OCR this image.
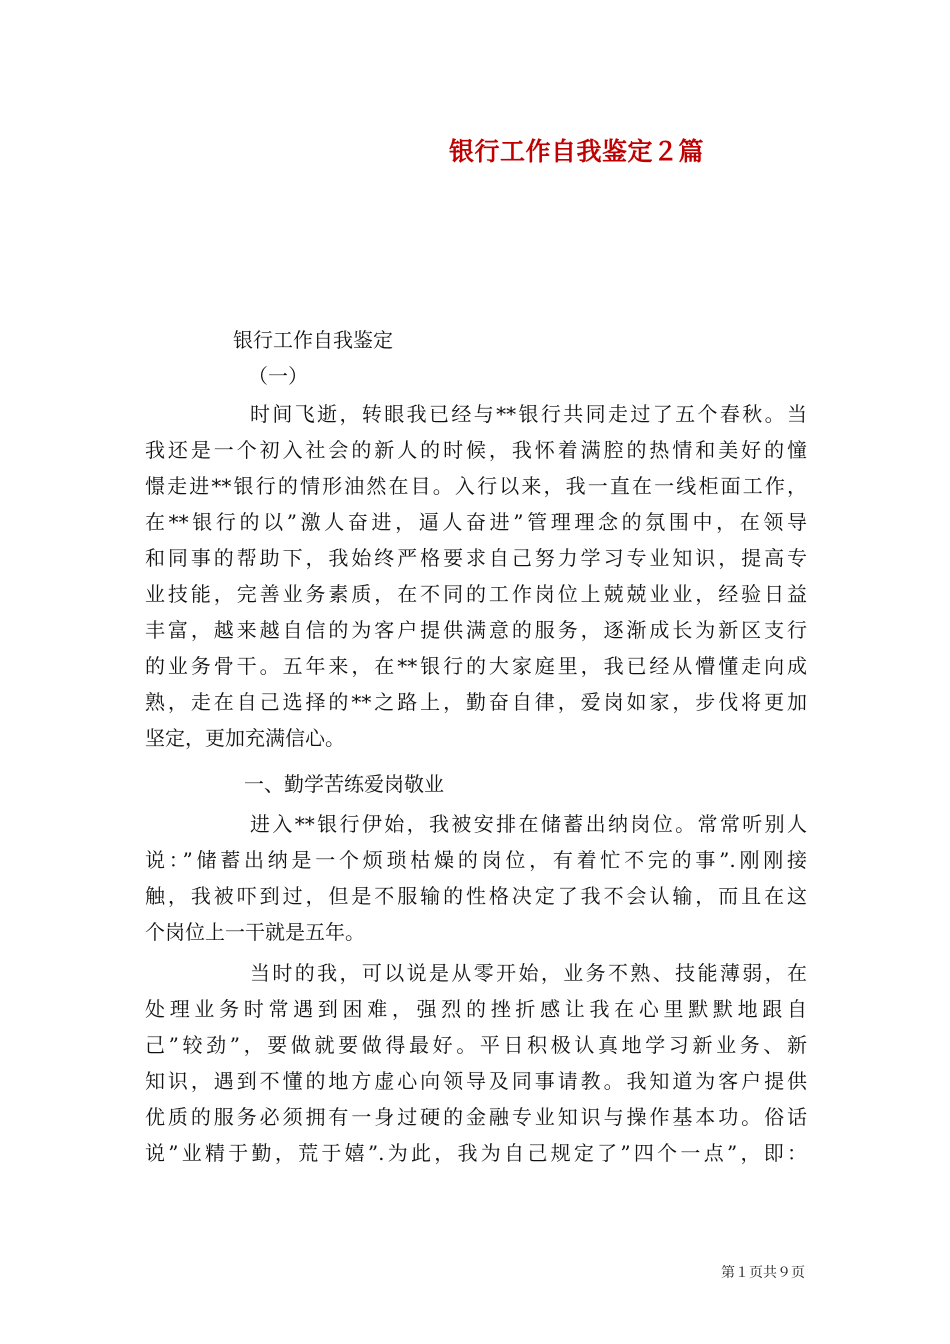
银行工作自我鉴定２篇
银行工作自我鉴定
（一）
时间飞逝，转眼我已经与**银行共同走过了五个春秋。当
我还是一个初入社会的新人的时候，我怀着满腔的热情和美好的憧
憬走进**银行的情形油然在目。入行以来，我一直在一线柜面工作，
在**银行的以”激人奋进，逼人奋进”管理理念的氛围中，在领导
和同事的帮助下，我始终严格要求自己努力学习专业知识，提高专
业技能，完善业务素质，在不同的工作岗位上兢兢业业，经验日益
丰富，越来越自信的为客户提供满意的服务，逐渐成长为新区支行
的业务骨干。五年来，在**银行的大家庭里，我已经从懵懂走向成
熟，走在自己选择的**之路上，勤奋自律，爱岗如家，步伐将更加
坚定，更加充满信心。
一、勤学苦练爱岗敬业
进入**银行伊始，我被安排在储蓄出纳岗位。常常听别人
说：”储蓄出纳是一个烦琐枯燥的岗位，有着忙不完的事”.刚刚接
触，我被吓到过，但是不服输的性格决定了我不会认输，而且在这
个岗位上一干就是五年。
当时的我，可以说是从零开始，业务不熟、技能薄弱，在
处理业务时常遇到困难，强烈的挫折感让我在心里默默地跟自
己”较劲”，要做就要做得最好。平日积极认真地学习新业务、新
知识，遇到不懂的地方虚心向领导及同事请教。我知道为客户提供
优质的服务必须拥有一身过硬的金融专业知识与操作基本功。俗话
说”业精于勤，荒于嬉”.为此，我为自己规定了”四个一点”，即：
第１页共９页
